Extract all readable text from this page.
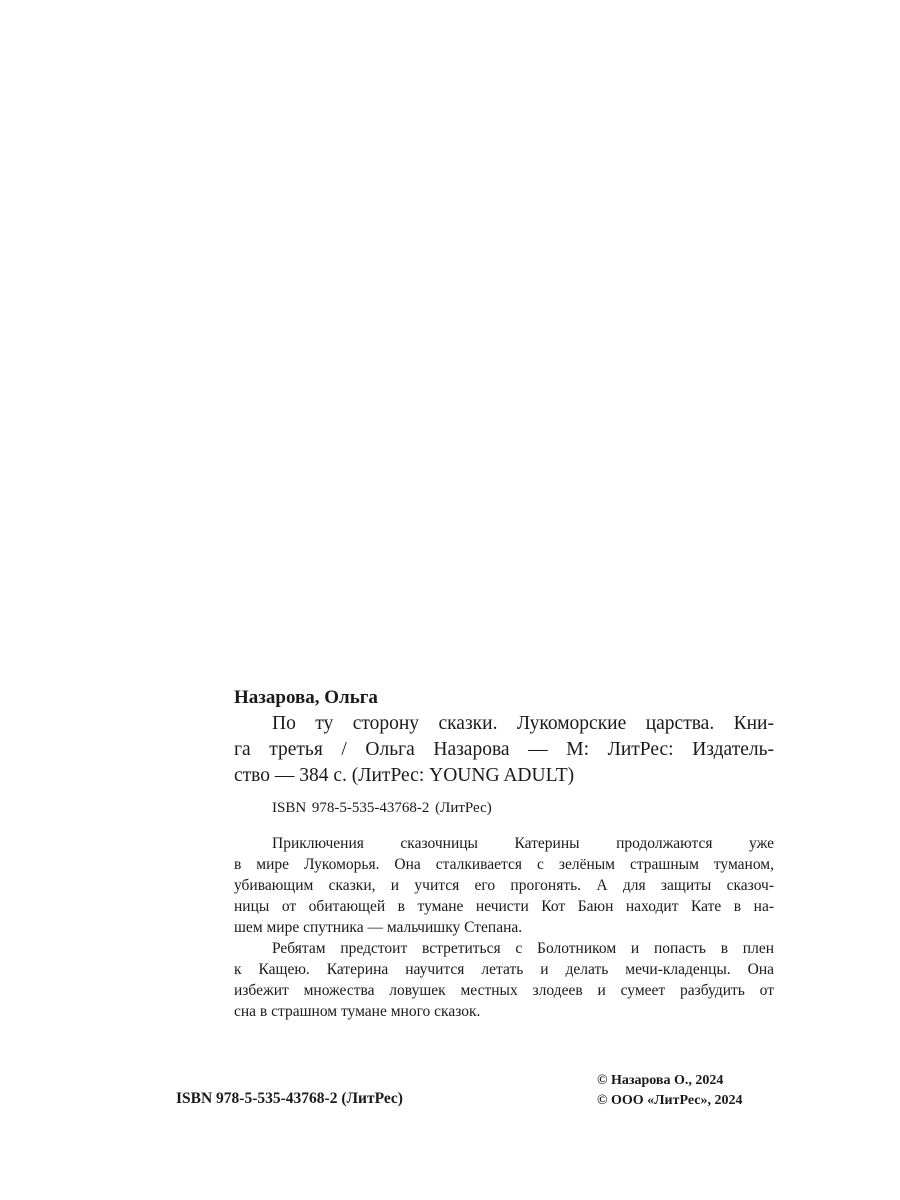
Назарова, Ольга

По ту сторону сказки. Лукоморские царства. Кни-
га третья / Ольга Назарова — М: ЛитРес: Издатель-
ство — 384 с. (ЛитРес: YOUNG ADULT)

ISBN 978-5-535-43768-2 (ЛитРес)

Приключения сказочницы Катерины продолжаются уже
в мире Лукоморья. Она сталкивается с зелёным страшным туманом,
убивающим сказки, и учится его прогонять. А для защиты сказоч-
ницы от обитающей в тумане нечисти Кот Баюн находит Кате в на-
шем мире спутника — мальчишку Степана.
Ребятам предстоит встретиться с Болотником и попасть в плен
к Кащею. Катерина научится летать и делать мечи-кладенцы. Она
избежит множества ловушек местных злодеев и сумеет разбудить от
сна в страшном тумане много сказок.
ISBN 978-5-535-43768-2 (ЛитРес)
© Назарова О., 2024
© ООО «ЛитРес», 2024
